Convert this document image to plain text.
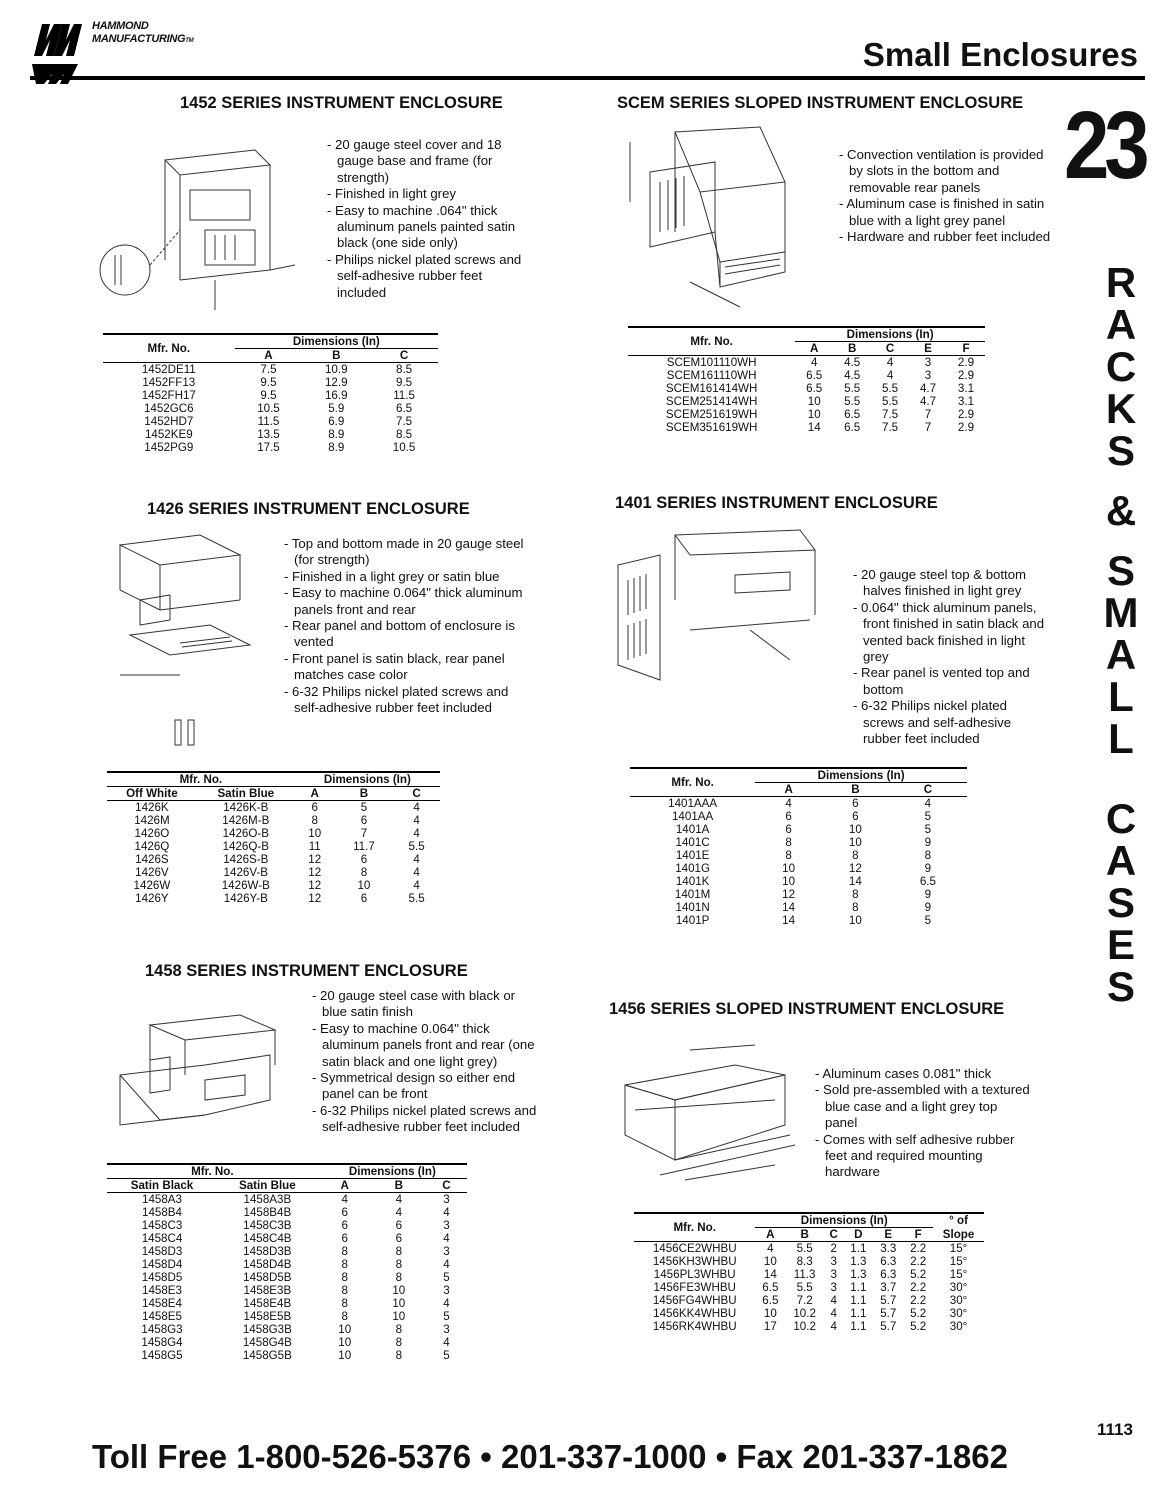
HAMMOND
MANUFACTURINGTM	Small Enclosures
23
R
A
C
K
S
&
S
M
A
L
L
C
A
S
E
S
1452 SERIES INSTRUMENT ENCLOSURE
- 20 gauge steel cover and 18 gauge base and frame (for strength)
- Finished in light grey
- Easy to machine .064" thick aluminum panels painted satin black (one side only)
- Philips nickel plated screws and self-adhesive rubber feet included
Mfr. No.	Dimensions (In)		
	A	B	C
1452DE11	7.5	10.9	8.5
1452FF13	9.5	12.9	9.5
1452FH17	9.5	16.9	11.5
1452GC6	10.5	5.9	6.5
1452HD7	11.5	6.9	7.5
1452KE9	13.5	8.9	8.5
1452PG9	17.5	8.9	10.5
SCEM SERIES SLOPED INSTRUMENT ENCLOSURE
- Convection ventilation is provided by slots in the bottom and removable rear panels
- Aluminum case is finished in satin blue with a light grey panel
- Hardware and rubber feet included
Mfr. No.	Dimensions (In)				
	A	B	C	E	F
SCEM101110WH	4	4.5	4	3	2.9
SCEM161110WH	6.5	4.5	4	3	2.9
SCEM161414WH	6.5	5.5	5.5	4.7	3.1
SCEM251414WH	10	5.5	5.5	4.7	3.1
SCEM251619WH	10	6.5	7.5	7	2.9
SCEM351619WH	14	6.5	7.5	7	2.9
1426 SERIES INSTRUMENT ENCLOSURE
- Top and bottom made in 20 gauge steel (for strength)
- Finished in a light grey or satin blue
- Easy to machine 0.064" thick aluminum panels front and rear
- Rear panel and bottom of enclosure is vented
- Front panel is satin black, rear panel matches case color
- 6-32 Philips nickel plated screws and self-adhesive rubber feet included
Mfr. No.		Dimensions (In)		
Off White	Satin Blue	A	B	C
1426K	1426K-B	6	5	4
1426M	1426M-B	8	6	4
1426O	1426O-B	10	7	4
1426Q	1426Q-B	11	11.7	5.5
1426S	1426S-B	12	6	4
1426V	1426V-B	12	8	4
1426W	1426W-B	12	10	4
1426Y	1426Y-B	12	6	5.5
1401 SERIES INSTRUMENT ENCLOSURE
- 20 gauge steel top & bottom halves finished in light grey
- 0.064" thick aluminum panels, front finished in satin black and vented back finished in light grey
- Rear panel is vented top and bottom
- 6-32 Philips nickel plated screws and self-adhesive rubber feet included
Mfr. No.	Dimensions (In)		
	A	B	C
1401AAA	4	6	4
1401AA	6	6	5
1401A	6	10	5
1401C	8	10	9
1401E	8	8	8
1401G	10	12	9
1401K	10	14	6.5
1401M	12	8	9
1401N	14	8	9
1401P	14	10	5
1458 SERIES INSTRUMENT ENCLOSURE
- 20 gauge steel case with black or blue satin finish
- Easy to machine 0.064" thick aluminum panels front and rear (one satin black and one light grey)
- Symmetrical design so either end panel can be front
- 6-32 Philips nickel plated screws and self-adhesive rubber feet included
Mfr. No.		Dimensions (In)		
Satin Black	Satin Blue	A	B	C
1458A3	1458A3B	4	4	3
1458B4	1458B4B	6	4	4
1458C3	1458C3B	6	6	3
1458C4	1458C4B	6	6	4
1458D3	1458D3B	8	8	3
1458D4	1458D4B	8	8	4
1458D5	1458D5B	8	8	5
1458E3	1458E3B	8	10	3
1458E4	1458E4B	8	10	4
1458E5	1458E5B	8	10	5
1458G3	1458G3B	10	8	3
1458G4	1458G4B	10	8	4
1458G5	1458G5B	10	8	5
1456 SERIES SLOPED INSTRUMENT ENCLOSURE
- Aluminum cases 0.081" thick
- Sold pre-assembled with a textured blue case and a light grey top panel
- Comes with self adhesive rubber feet and required mounting hardware
Mfr. No.	Dimensions (In)						° of
	A	B	C	D	E	F	Slope
1456CE2WHBU	4	5.5	2	1.1	3.3	2.2	15°
1456KH3WHBU	10	8.3	3	1.3	6.3	2.2	15°
1456PL3WHBU	14	11.3	3	1.3	6.3	5.2	15°
1456FE3WHBU	6.5	5.5	3	1.1	3.7	2.2	30°
1456FG4WHBU	6.5	7.2	4	1.1	5.7	2.2	30°
1456KK4WHBU	10	10.2	4	1.1	5.7	5.2	30°
1456RK4WHBU	17	10.2	4	1.1	5.7	5.2	30°
1113
Toll Free 1-800-526-5376 • 201-337-1000 • Fax 201-337-1862
